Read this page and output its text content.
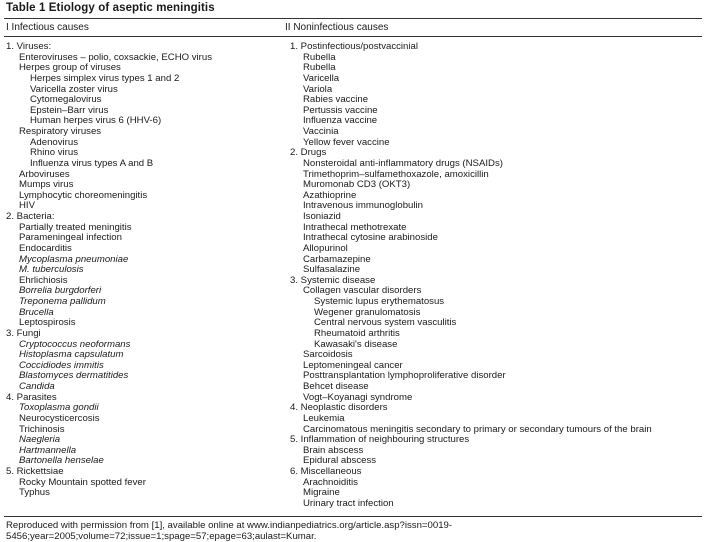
Table 1 Etiology of aseptic meningitis
I Infectious causes	II Noninfectious causes
1. Viruses:
Enteroviruses – polio, coxsackie, ECHO virus
Herpes group of viruses
Herpes simplex virus types 1 and 2
Varicella zoster virus
Cytomegalovirus
Epstein–Barr virus
Human herpes virus 6 (HHV-6)
Respiratory viruses
Adenovirus
Rhino virus
Influenza virus types A and B
Arboviruses
Mumps virus
Lymphocytic choreomeningitis
HIV
2. Bacteria:
Partially treated meningitis
Parameningeal infection
Endocarditis
Mycoplasma pneumoniae
M. tuberculosis
Ehrlichiosis
Borrelia burgdorferi
Treponema pallidum
Brucella
Leptospirosis
3. Fungi
Cryptococcus neoformans
Histoplasma capsulatum
Coccidiodes immitis
Blastomyces dermatitides
Candida
4. Parasites
Toxoplasma gondii
Neurocysticercosis
Trichinosis
Naegleria
Hartmannella
Bartonella henselae
5. Rickettsiae
Rocky Mountain spotted fever
Typhus
1. Postinfectious/postvaccinial
Rubella
Rubella
Varicella
Variola
Rabies vaccine
Pertussis vaccine
Influenza vaccine
Vaccinia
Yellow fever vaccine
2. Drugs
Nonsteroidal anti-inflammatory drugs (NSAIDs)
Trimethoprim–sulfamethoxazole, amoxicillin
Muromonab CD3 (OKT3)
Azathioprine
Intravenous immunoglobulin
Isoniazid
Intrathecal methotrexate
Intrathecal cytosine arabinoside
Allopurinol
Carbamazepine
Sulfasalazine
3. Systemic disease
Collagen vascular disorders
Systemic lupus erythematosus
Wegener granulomatosis
Central nervous system vasculitis
Rheumatoid arthritis
Kawasaki's disease
Sarcoidosis
Leptomeningeal cancer
Posttransplantation lymphoproliferative disorder
Behcet disease
Vogt–Koyanagi syndrome
4. Neoplastic disorders
Leukemia
Carcinomatous meningitis secondary to primary or secondary tumours of the brain
5. Inflammation of neighbouring structures
Brain abscess
Epidural abscess
6. Miscellaneous
Arachnoiditis
Migraine
Urinary tract infection
Reproduced with permission from [1], available online at www.indianpediatrics.org/article.asp?issn=0019-5456;year=2005;volume=72;issue=1;spage=57;epage=63;aulast=Kumar.
